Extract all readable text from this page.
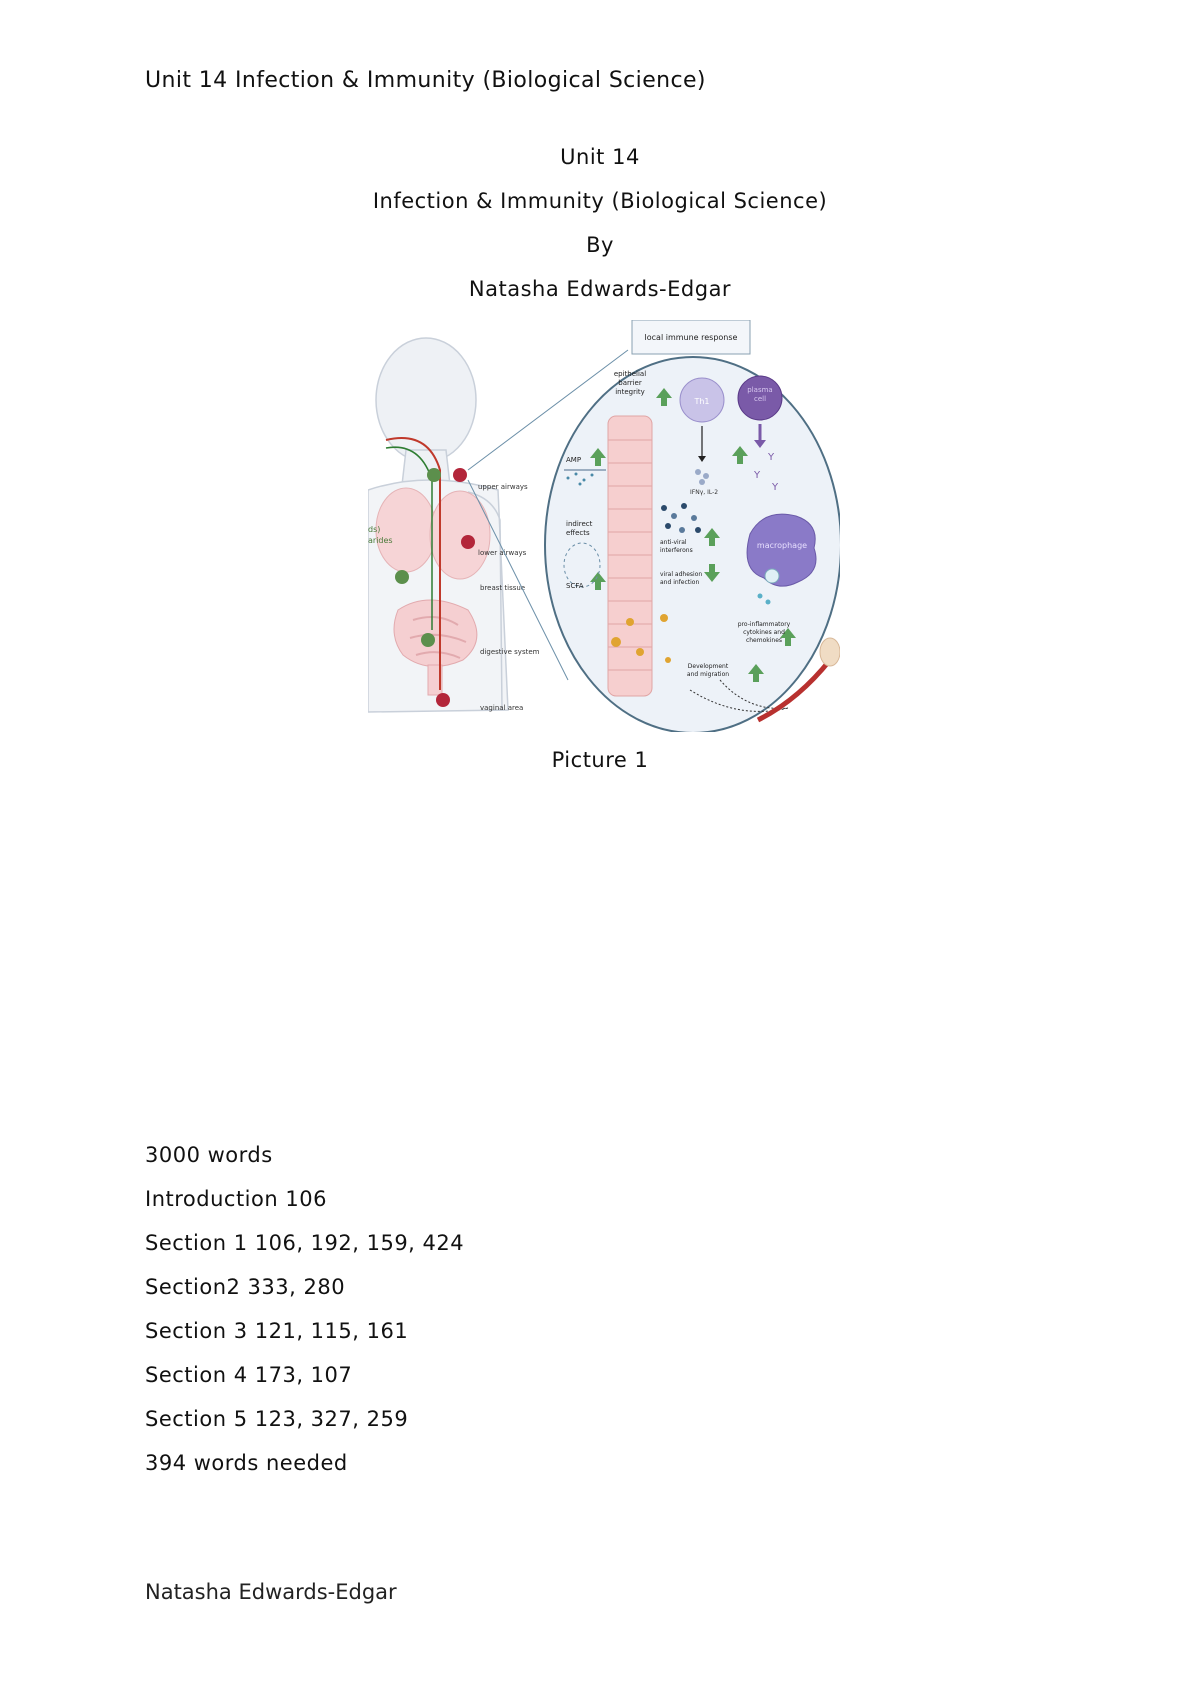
Unit 14 Infection & Immunity (Biological Science)
Unit 14
Infection & Immunity (Biological Science)
By
Natasha Edwards-Edgar
upper airways
lower airways
breast tissue
digestive system
vaginal area
ds)
arides
local immune response
Th1
plasma
cell
Y
Y
Y
IFNγ, IL-2
macrophage
epithelial
barrier
integrity
AMP
indirect
effects
SCFA
anti-viral
interferons
viral adhesion
and infection
pro-inflammatory
cytokines and
chemokines
Development
and migration
Picture 1
3000 words
Introduction 106
Section 1 106, 192, 159, 424
Section2 333, 280
Section 3 121, 115, 161
Section 4 173, 107
Section 5 123, 327, 259
394 words needed
Natasha Edwards-Edgar
